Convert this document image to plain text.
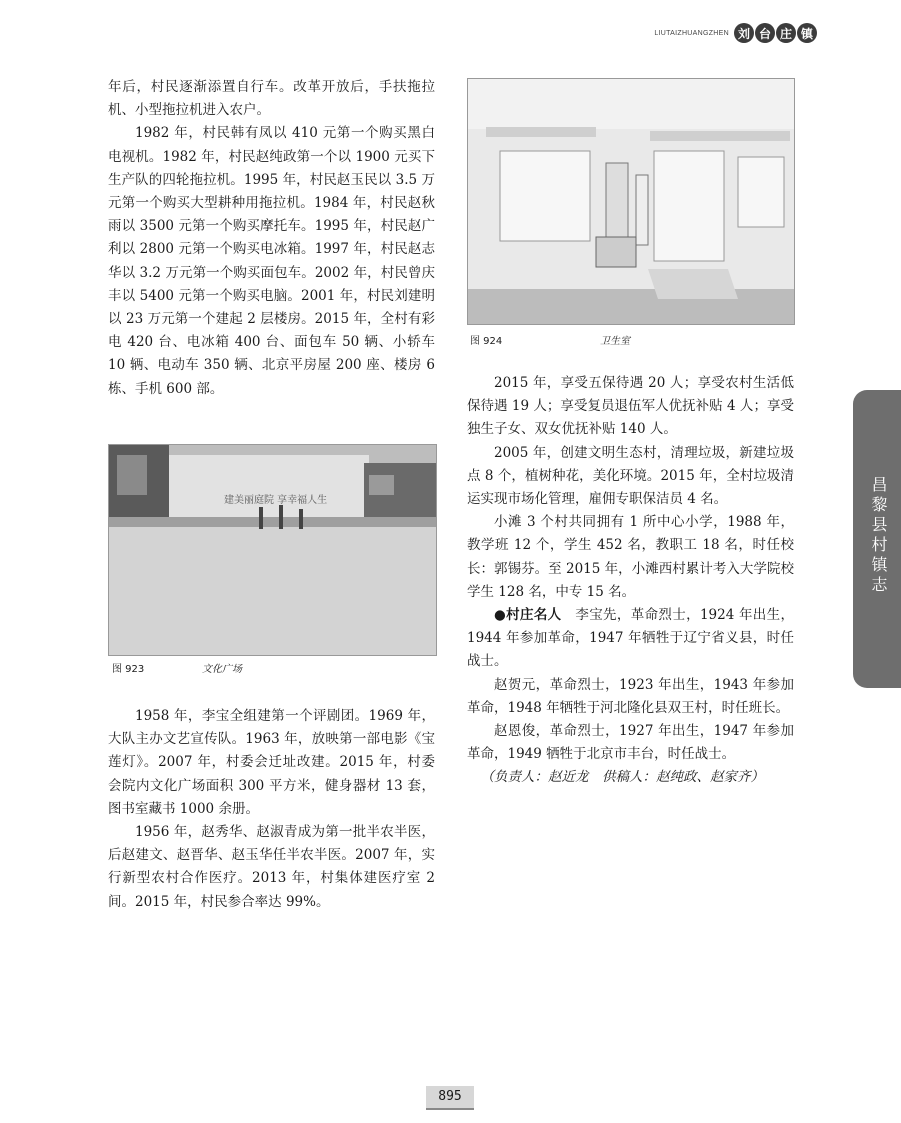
LIUTAIZHUANGZHEN 刘 台 庄 镇

年后，村民逐渐添置自行车。改革开放后，手扶拖拉机、小型拖拉机进入农户。

1982 年，村民韩有凤以 410 元第一个购买黑白电视机。1982 年，村民赵纯政第一个以 1900 元买下生产队的四轮拖拉机。1995 年，村民赵玉民以 3.5 万元第一个购买大型耕种用拖拉机。1984 年，村民赵秋雨以 3500 元第一个购买摩托车。1995 年，村民赵广利以 2800 元第一个购买电冰箱。1997 年，村民赵志华以 3.2 万元第一个购买面包车。2002 年，村民曾庆丰以 5400 元第一个购买电脑。2001 年，村民刘建明以 23 万元第一个建起 2 层楼房。2015 年，全村有彩电 420 台、电冰箱 400 台、面包车 50 辆、小轿车 10 辆、电动车 350 辆、北京平房屋 200 座、楼房 6 栋、手机 600 部。

建美丽庭院 享幸福人生
图 923	文化广场

1958 年，李宝全组建第一个评剧团。1969 年，大队主办文艺宣传队。1963 年，放映第一部电影《宝莲灯》。2007 年，村委会迁址改建。2015 年，村委会院内文化广场面积 300 平方米，健身器材 13 套，图书室藏书 1000 余册。

1956 年，赵秀华、赵淑青成为第一批半农半医，后赵建文、赵晋华、赵玉华任半农半医。2007 年，实行新型农村合作医疗。2013 年，村集体建医疗室 2 间。2015 年，村民参合率达 99%。

图 924	卫生室

2015 年，享受五保待遇 20 人；享受农村生活低保待遇 19 人；享受复员退伍军人优抚补贴 4 人；享受独生子女、双女优抚补贴 140 人。

2005 年，创建文明生态村，清理垃圾，新建垃圾点 8 个，植树种花，美化环境。2015 年，全村垃圾清运实现市场化管理，雇佣专职保洁员 4 名。

小滩 3 个村共同拥有 1 所中心小学，1988 年，教学班 12 个，学生 452 名，教职工 18 名，时任校长：郭锡芬。至 2015 年，小滩西村累计考入大学院校学生 128 名，中专 15 名。

●村庄名人　李宝先，革命烈士，1924 年出生，1944 年参加革命，1947 年牺牲于辽宁省义县，时任战士。

赵贺元，革命烈士，1923 年出生，1943 年参加革命，1948 年牺牲于河北隆化县双王村，时任班长。

赵恩俊，革命烈士，1927 年出生，1947 年参加革命，1949 牺牲于北京市丰台，时任战士。

（负责人：赵近龙　供稿人：赵纯政、赵家齐）

昌黎县村镇志
895
